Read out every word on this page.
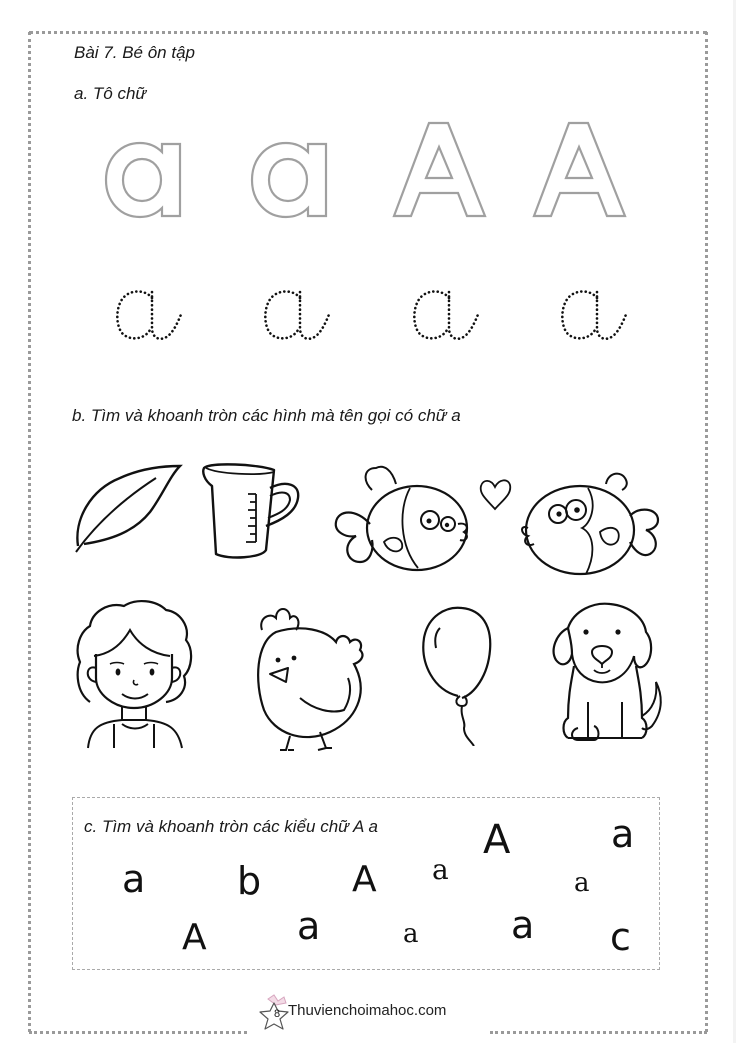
Bài 7. Bé ôn tập
a. Tô chữ
b. Tìm và khoanh tròn các hình mà tên gọi có chữ a
c. Tìm và khoanh tròn các kiểu chữ A a
a b	A a
A	a
a
A a	a a c
8 Thuvienchoimahoc.com
